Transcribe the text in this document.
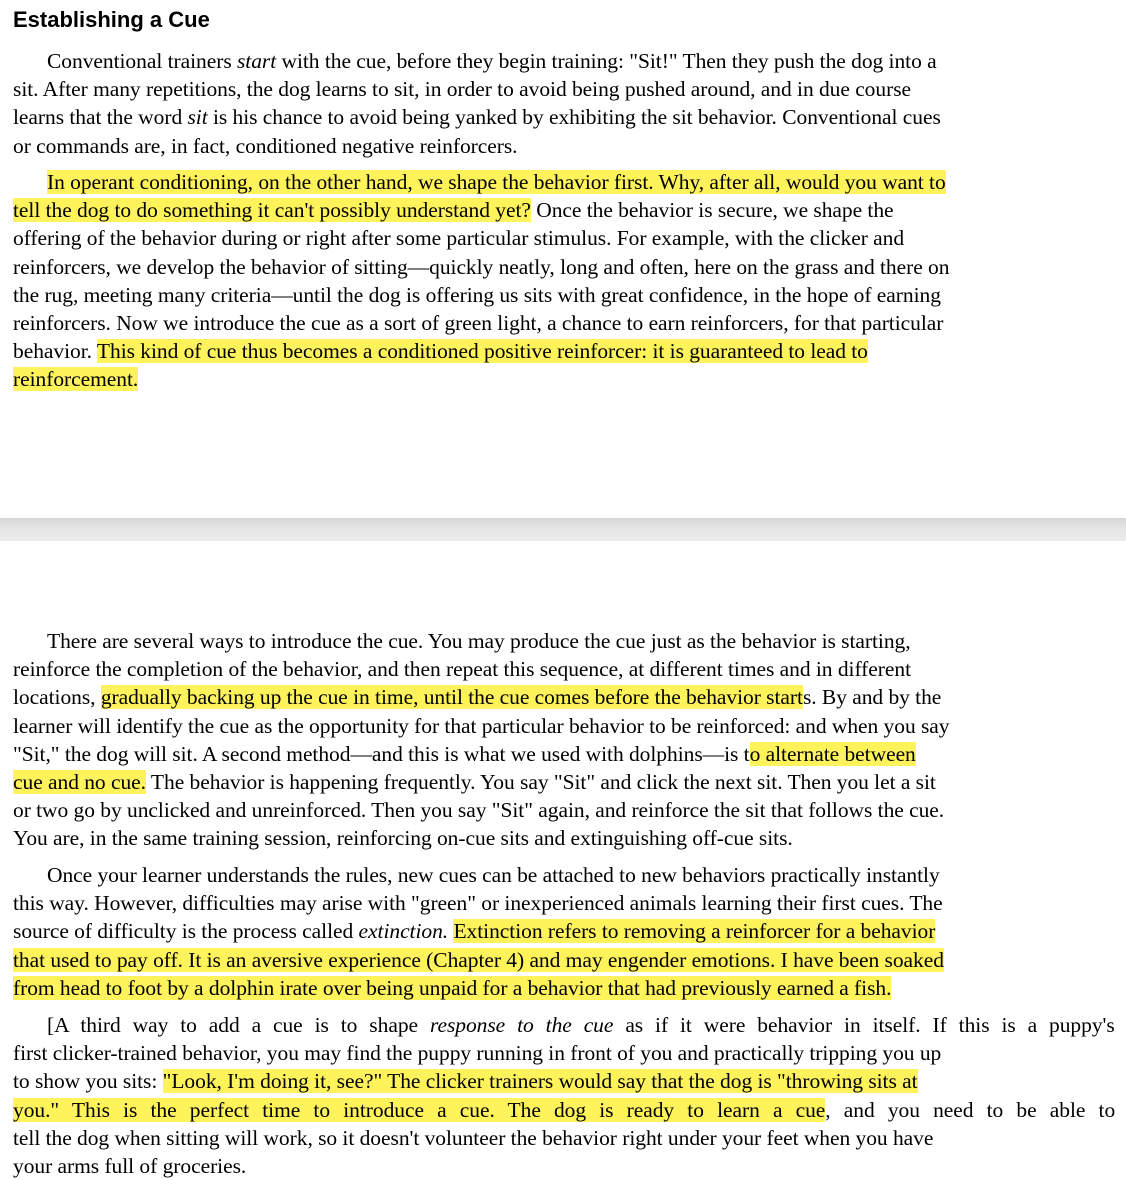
Establishing a Cue

Conventional trainers start with the cue, before they begin training: "Sit!" Then they push the dog into a
sit. After many repetitions, the dog learns to sit, in order to avoid being pushed around, and in due course
learns that the word sit is his chance to avoid being yanked by exhibiting the sit behavior. Conventional cues
or commands are, in fact, conditioned negative reinforcers.

In operant conditioning, on the other hand, we shape the behavior first. Why, after all, would you want to
tell the dog to do something it can't possibly understand yet? Once the behavior is secure, we shape the
offering of the behavior during or right after some particular stimulus. For example, with the clicker and
reinforcers, we develop the behavior of sitting—quickly neatly, long and often, here on the grass and there on
the rug, meeting many criteria—until the dog is offering us sits with great confidence, in the hope of earning
reinforcers. Now we introduce the cue as a sort of green light, a chance to earn reinforcers, for that particular
behavior. This kind of cue thus becomes a conditioned positive reinforcer: it is guaranteed to lead to
reinforcement.

There are several ways to introduce the cue. You may produce the cue just as the behavior is starting,
reinforce the completion of the behavior, and then repeat this sequence, at different times and in different
locations, gradually backing up the cue in time, until the cue comes before the behavior starts. By and by the
learner will identify the cue as the opportunity for that particular behavior to be reinforced: and when you say
"Sit," the dog will sit. A second method—and this is what we used with dolphins—is to alternate between
cue and no cue. The behavior is happening frequently. You say "Sit" and click the next sit. Then you let a sit
or two go by unclicked and unreinforced. Then you say "Sit" again, and reinforce the sit that follows the cue.
You are, in the same training session, reinforcing on-cue sits and extinguishing off-cue sits.

Once your learner understands the rules, new cues can be attached to new behaviors practically instantly
this way. However, difficulties may arise with "green" or inexperienced animals learning their first cues. The
source of difficulty is the process called extinction. Extinction refers to removing a reinforcer for a behavior
that used to pay off. It is an aversive experience (Chapter 4) and may engender emotions. I have been soaked
from head to foot by a dolphin irate over being unpaid for a behavior that had previously earned a fish.

[A third way to add a cue is to shape response to the cue as if it were behavior in itself. If this is a puppy's
first clicker-trained behavior, you may find the puppy running in front of you and practically tripping you up
to show you sits: "Look, I'm doing it, see?" The clicker trainers would say that the dog is "throwing sits at
you." This is the perfect time to introduce a cue. The dog is ready to learn a cue, and you need to be able to
tell the dog when sitting will work, so it doesn't volunteer the behavior right under your feet when you have
your arms full of groceries.
